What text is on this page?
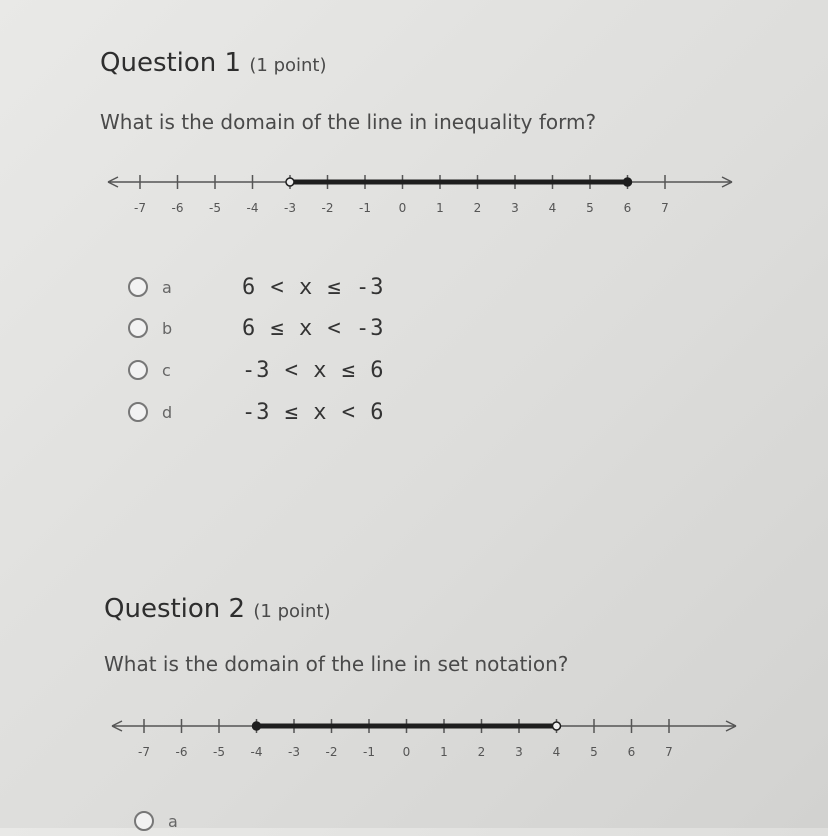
Question 1 (1 point)
What is the domain of the line in inequality form?
-7 -6 -5 -4 -3 -2 -1 0 1 2 3 4 5 6 7
a	6 < x ≤ -3
b	6 ≤ x < -3
c	-3 < x ≤ 6
d	-3 ≤ x < 6
Question 2 (1 point)
What is the domain of the line in set notation?
-7 -6 -5 -4 -3 -2 -1 0 1 2 3 4 5 6 7
a
